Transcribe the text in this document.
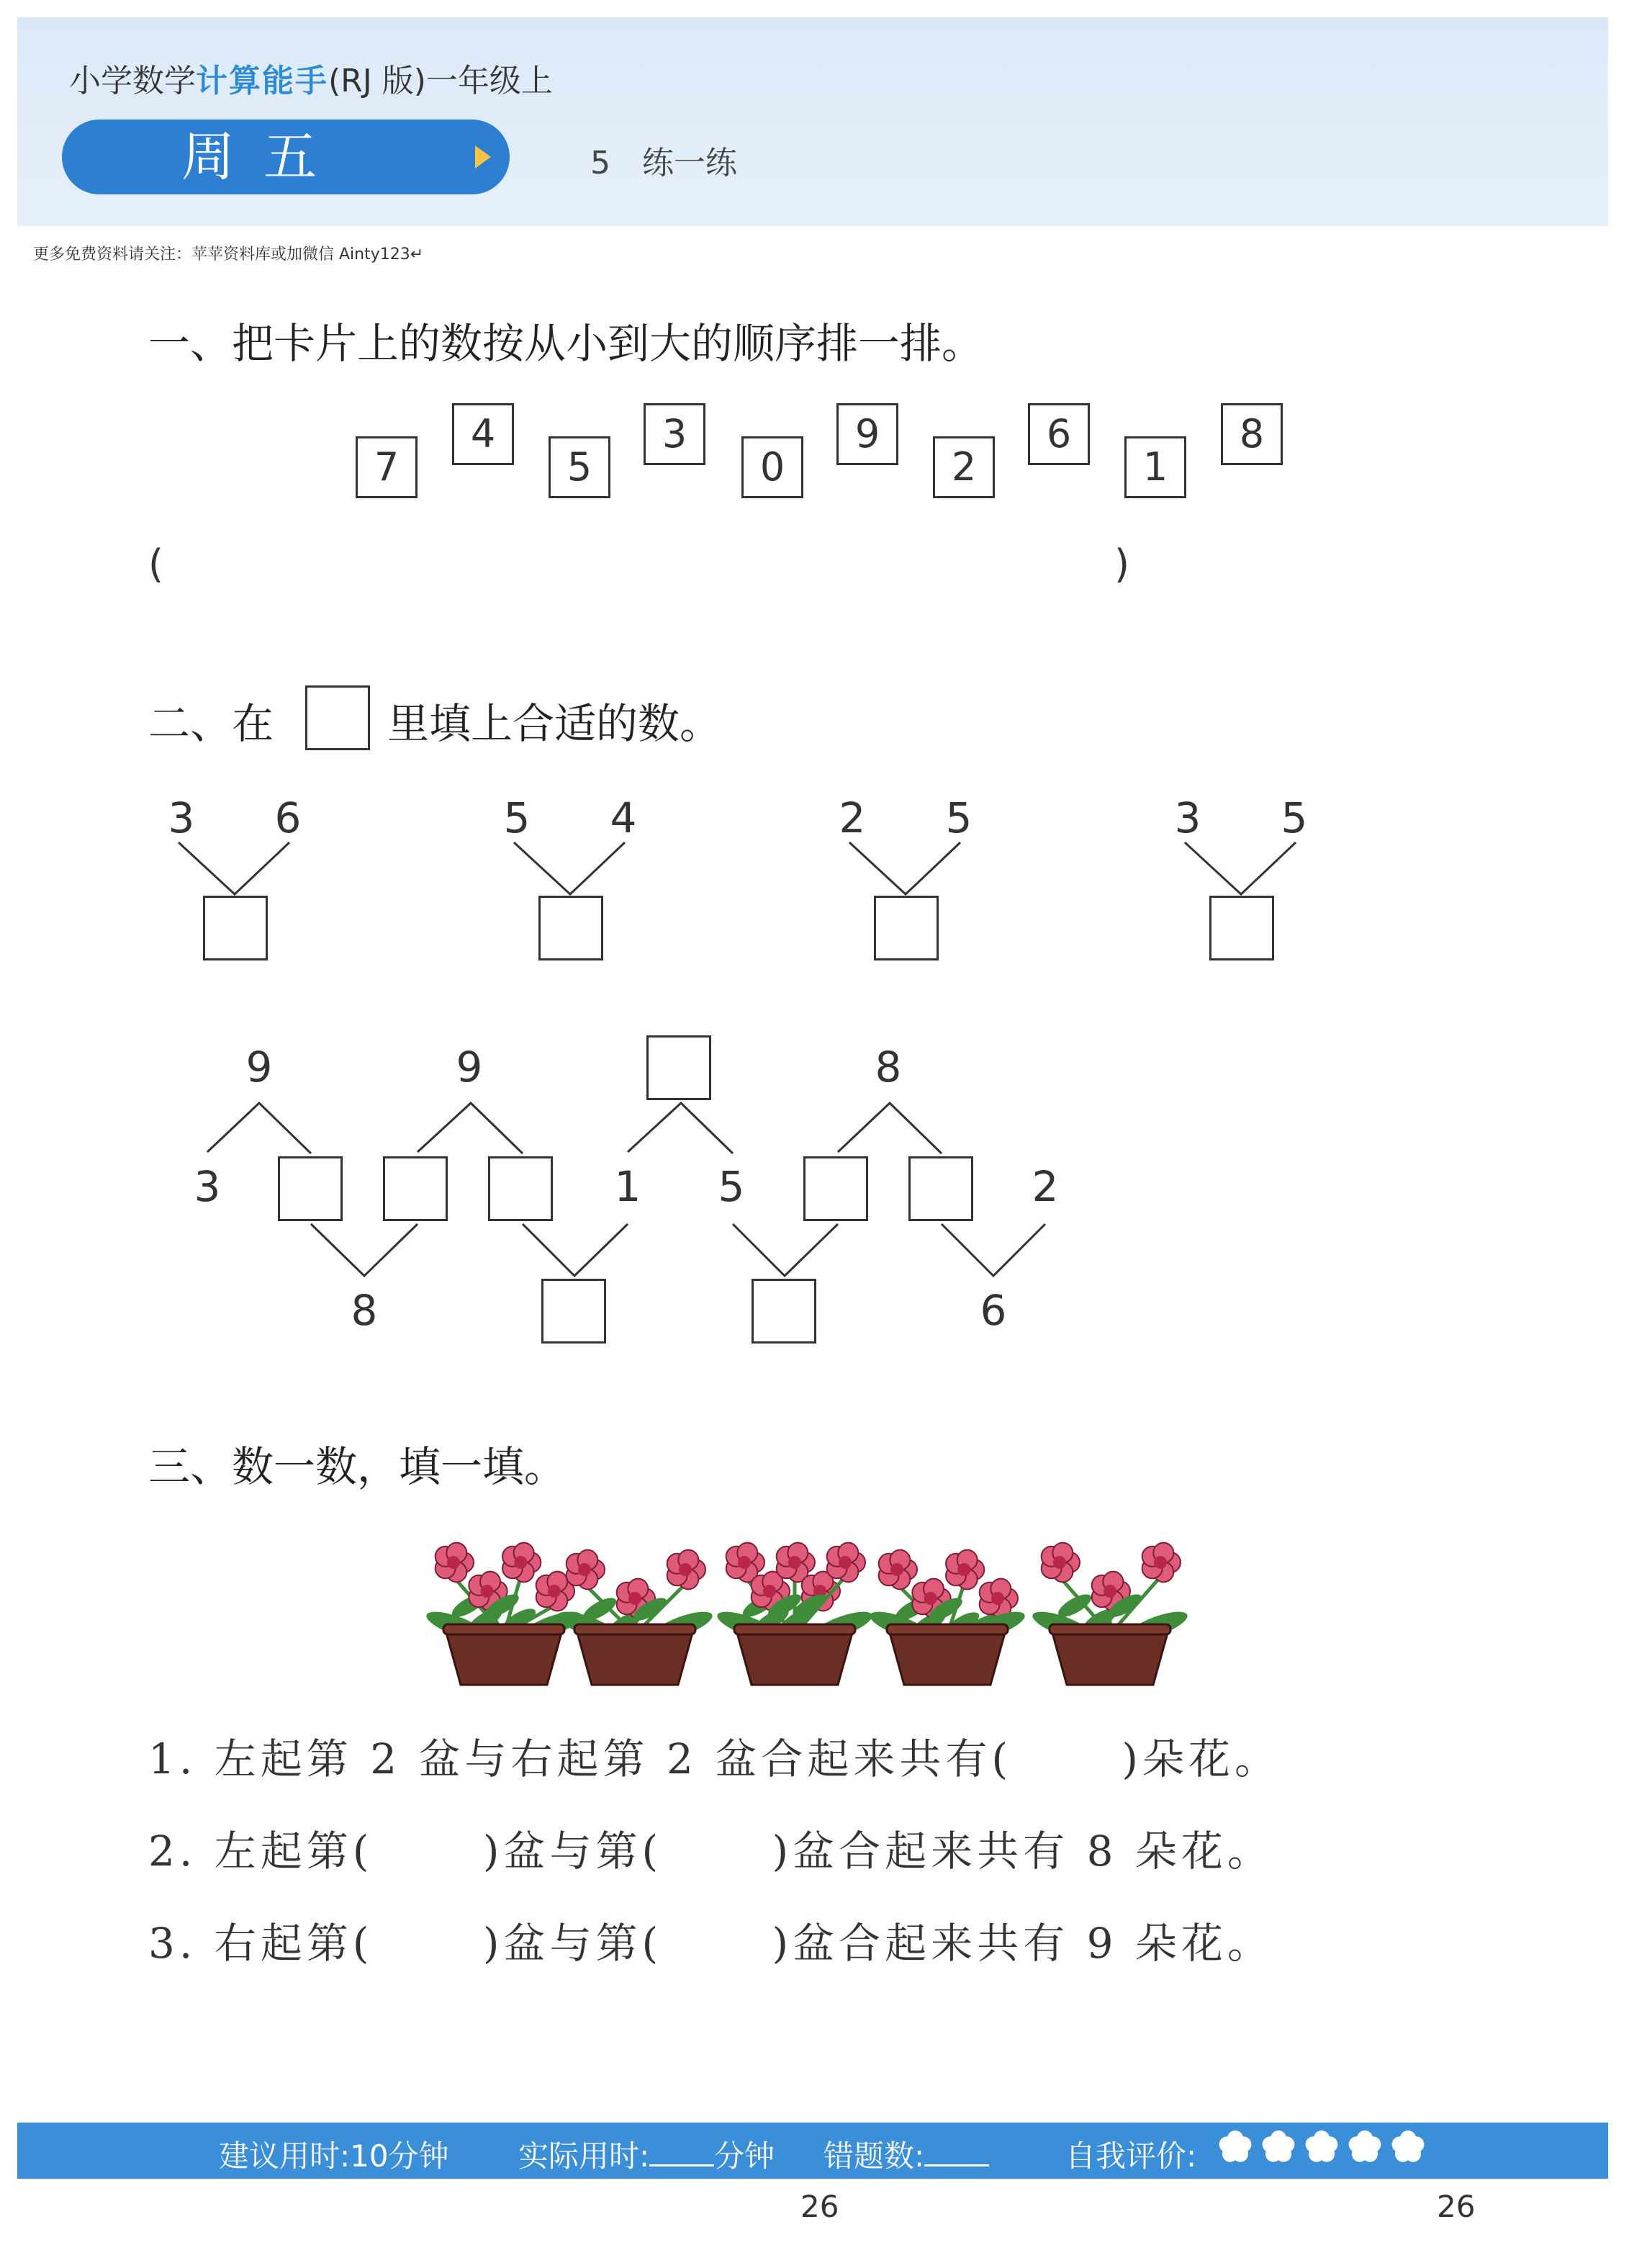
小学数学计算能手(RJ 版)一年级上
周五	5　练一练
更多免费资料请关注：苹苹资料库或加微信 Ainty123↵
一、把卡片上的数按从小到大的顺序排一排。
7	5	0	2	1
4	3	9	6	8
(	)
二、在	里填上合适的数。
3 6	5 4	2 5	3 5
9	9	8
3	1 5	2
8	6
三、数一数，填一填。
1. 左起第 2 盆与右起第 2 盆合起来共有(　　 )朵花。
2. 左起第(　　 )盆与第(　　 )盆合起来共有 8 朵花。
3. 右起第(　　 )盆与第(　　 )盆合起来共有 9 朵花。
建议用时:10分钟 实际用时: 分钟 错题数:	自我评价:
26	26
